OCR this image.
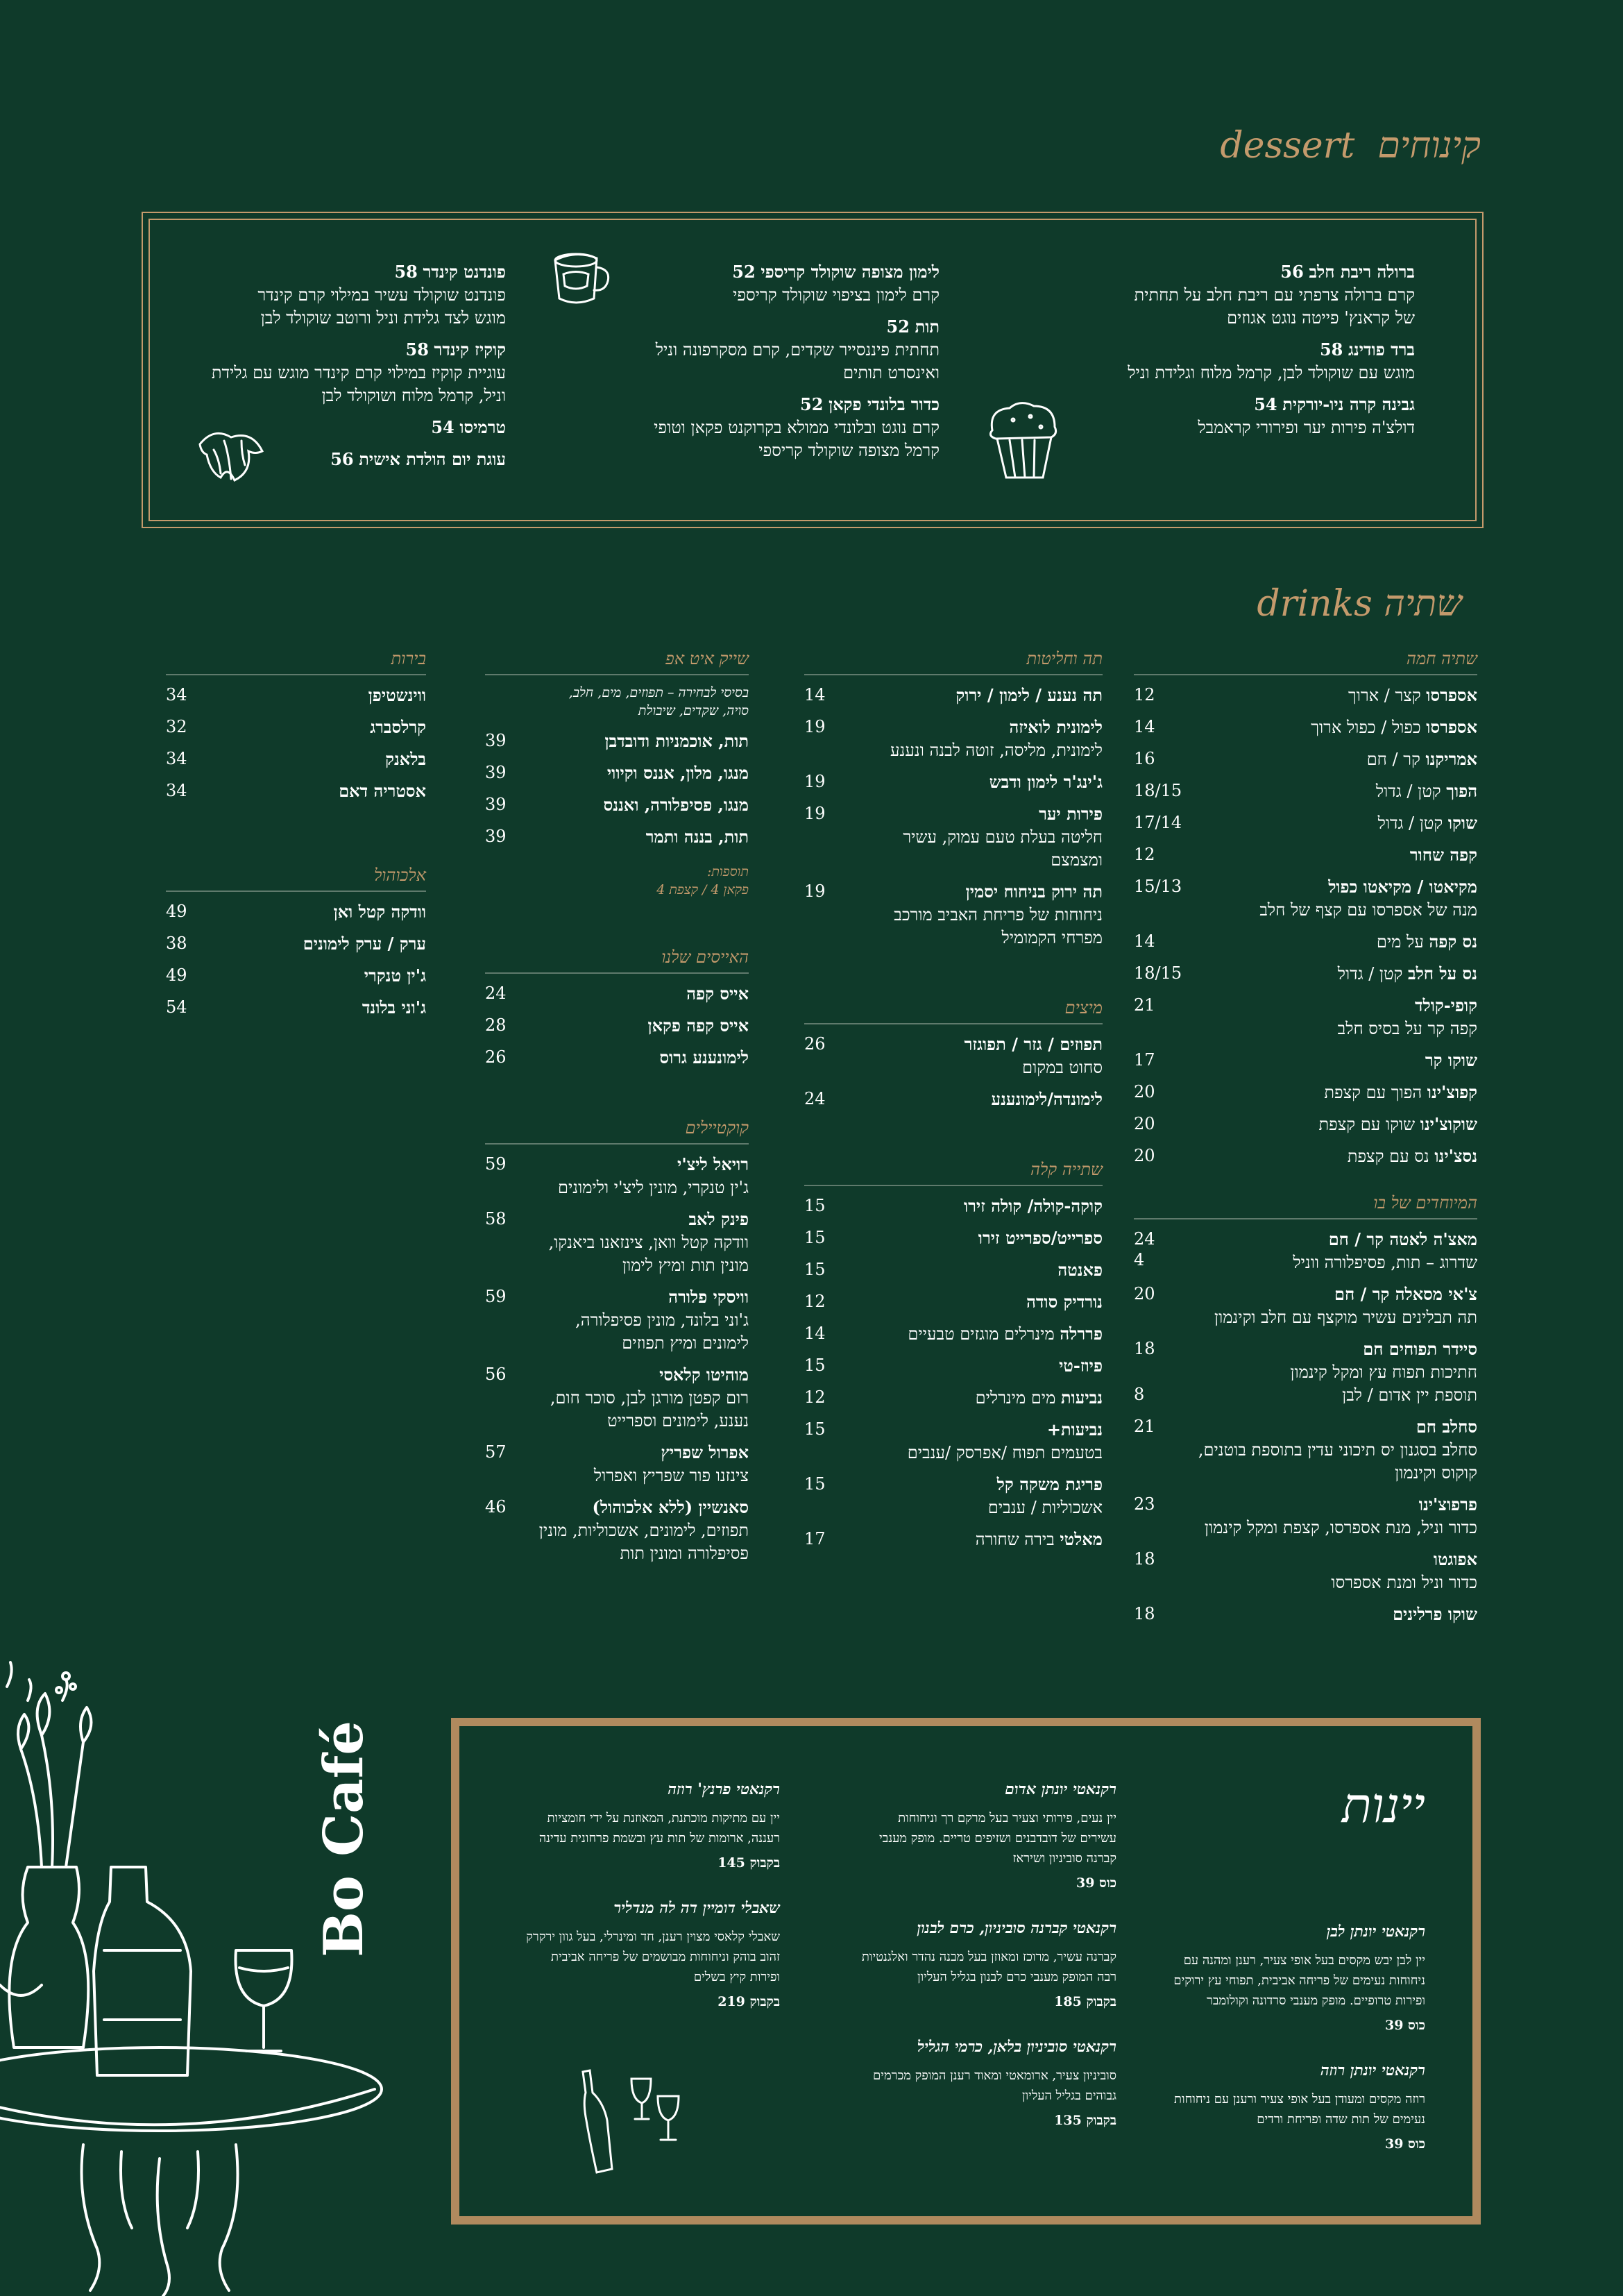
קינוחים  dessert
ברולה ריבת חלב 56
קרם ברולה צרפתי עם ריבת חלב על תחתית
של קראנץ' פייטה נוגט אגוזים
ברד פודינג 58
מוגש עם שוקולד לבן, קרמל מלוח וגלידת וניל
גבינה קרה ניו-יורקית 54
דולצ'ה פירות יער ופירורי קראמבל
לימון מצופה שוקולד קריספי 52
קרם לימון בציפוי שוקולד קריספי
תות 52
תחתית פיננסייר שקדים, קרם מסקרפונה וניל
ואינסרט תותים
כדור בלונדי פקאן 52
קרם נוגט ובלונדי ממולא בקרוקנט פקאן וטופי
קרמל מצופה שוקולד קריספי
פונדנט קינדר 58
פונדנט שוקולד עשיר במילוי קרם קינדר
מוגש לצד גלידת וניל ורוטב שוקולד לבן
קוקיז קינדר 58
עוגיית קוקיז במילוי קרם קינדר מוגש עם גלידת
וניל, קרמל מלוח ושוקולד לבן
טרמיסו 54
עוגת יום הולדת אישית 56
שתיה drinks
שתיה חמה
אספרסו קצר / ארוך
12
אספרסו כפול / כפול ארוך
14
אמריקנו קר / חם
16
הפוך קטן / גדול
18/15
שוקו קטן / גדול
17/14
קפה שחור
12
מקיאטו / מקיאטו כפול
מנה של אספרסו עם קצף של חלב
15/13
נס קפה על מים
14
נס על חלב קטן / גדול
18/15
קופי-קולד
קפה קר על בסיס חלב
21
שוקו קר
17
קפוצ'ינו הפוך עם קצפת
20
שוקוצ'ינו שוקו עם קצפת
20
נסצ'ינו נס עם קצפת
20
המיוחדים של בו
מאצ'ה לאטה קר / חם
שדרוג – תות, פסיפלורה ווניל
24
4
צ'אי מסאלה קר / חם
תה תבלינים עשיר מוקצף עם חלב וקינמון
20
סיידר תפוחים חם
חתיכות תפוח עץ ומקל קינמון
תוספת יין אדום / לבן
18
8
סחלב חם
סחלב בסגנון יס תיכוני עדין בתוספת בוטנים, קוקוס וקינמון
21
פרפוצ'ינו
כדור וניל, מנת אספרסו, קצפת ומקל קינמון
23
אפוגטו
כדור וניל ומנת אספרסו
18
שוקו פרלינים
18
תה וחליטות
תה נענע / לימון / ירוק
14
לימונית לואיזה
לימונית, מליסה, זוטה לבנה ונענע
19
ג'ינג'ר לימון ודבש
19
פירות יער
חליטה בעלת טעם עמוק, עשיר ומצמצם
19
תה ירוק בניחוח יסמין
ניחוחות של פריחת האביב מורכב מפרחי הקמומיל
19
מיצים
תפוזים / גזר / תפוגזר
סחוט במקום
26
לימונדה/לימונענע
24
שתייה קלה
קוקה-קולה/ קולה זירו
15
ספרייט/ספרייט זירו
15
פאנטה
15
נורדיק סודה
12
פררלה מינרלים מוגזים טבעיים
14
פיוז-טי
15
נביעות מים מינרלים
12
נביעות+
בטעמים תפוח /אפרסק /ענבים
15
פריגת משקה קל
אשכוליות / ענבים
15
מאלטי בירה שחורה
17
שייק איט אפ
בסיסי לבחירה – תפוזים, מים, חלב, סויה, שקדים, שיבולת
תות, אוכמניות ודובדבן
39
מנגו, מלון, אננס וקיווי
39
מנגו, פסיפלורה, ואננס
39
תות, בננה ותמר
39
תוספות:
פקאן 4 / קצפת 4
האייסים שלנו
אייס קפה
24
אייס קפה פקאן
28
לימונענע גרוס
26
קוקטיילים
רויאל ליצ'י
ג'ין טנקרי, מונין ליצ'י ולימונים
59
פינק לאב
וודקה קטל וואן, צינזאנו ביאנקו, מונין תות ומיץ לימון
58
וויסקי פלורה
ג'וני בלונד, מונין פסיפלורה, לימונים ומיץ תפוזים
59
מוהיטו קלאסי
רום קפטן מורגן לבן, סוכר חום, נענע, לימונים וספרייט
56
אפרול שפריץ
צינזנו פור שפריץ ואפרול
57
סאנשיין (ללא אלכוהול)
תפוזים, לימונים, אשכוליות, מונין פסיפלורה ומונין תות
46
בירות
ווינשטיפן
34
קרלסברג
32
בלאנק
34
אסטריה דאם
34
אלכוהול
וודקה קטל ואן
49
ערק / ערק לימונים
38
ג'ין טנקרי
49
ג'וני בלונד
54
יינות
רקנאטי יונתן לבן
יין לבן יבש מקסים בעל אופי צעיר, רענן ומהנה עם ניחוחות נעימים של פריחה אביבית, תפוחי עץ ירוקים ופירות טרופיים. מופק מענבי סרדונה וקולומבר
כוס 39
רקנאטי יונתן רוזה
רוזה מקסים ומעודן בעל אופי צעיר ורענן עם ניחוחות נעימים של תות שדה ופריחת ורדים
כוס 39
רקנאטי יונתן אדום
יין נעים, פירותי וצעיר בעל מרקם רך וניחוחות עשירים של דובדבנים ושזיפים טריים. מופק מענבי קברנה סוביניון ושיראז
כוס 39
רקנאטי קברנה סוביניון, כרם לבנון
קברנה עשיר, מרוכז ומאוזן בעל מבנה נהדר ואלגנטיות רבה המופק מענבי כרם לבנון בגליל העליון
בקבוק 185
רקנאטי סוביניון בלאן, כרמי הגליל
סוביניון צעיר, ארומאטי ומאוד רענן המופק מכרמים גבוהים בגליל העליון
בקבוק 135
רקנאטי פרנץ' רוזה
יין עם מתיקות מוכתנת, המאוזנת על ידי חומציות רעננה, ארומות של תות עץ ובשמת פרחונית עדינה
בקבוק 145
שאבלי דומיין דה לה מנדליר
שאבלי קלאסי מצוין רענן, חד ומינרלי, בעל גוון ירקרק זהוב בוהק וניחוחות מבושמים של פריחה אביבית ופירות קיץ בשלים
בקבוק 219
Bo Café
